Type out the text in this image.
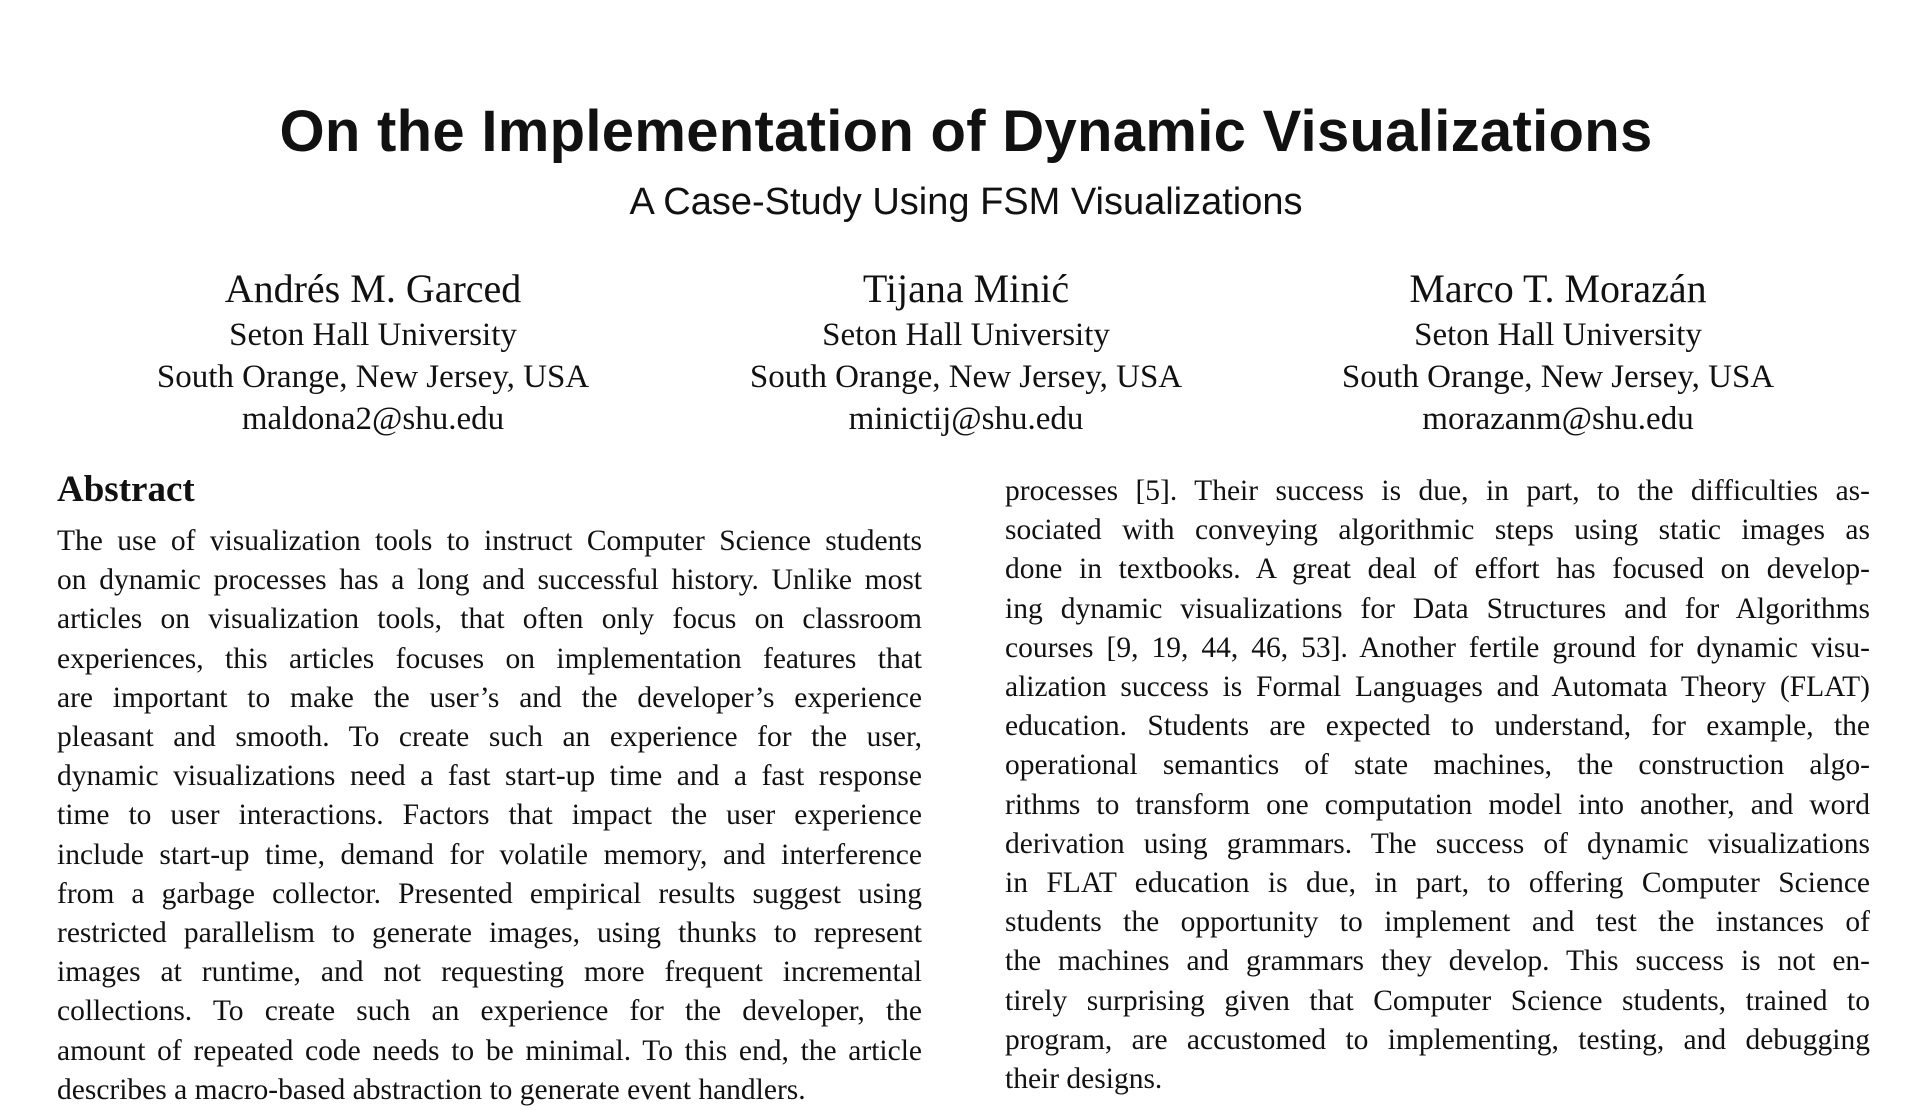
On the Implementation of Dynamic Visualizations
A Case-Study Using FSM Visualizations
Andrés M. Garced
Seton Hall University
South Orange, New Jersey, USA
maldona2@shu.edu
Tijana Minić
Seton Hall University
South Orange, New Jersey, USA
minictij@shu.edu
Marco T. Morazán
Seton Hall University
South Orange, New Jersey, USA
morazanm@shu.edu
Abstract

The use of visualization tools to instruct Computer Science students
on dynamic processes has a long and successful history. Unlike most
articles on visualization tools, that often only focus on classroom
experiences, this articles focuses on implementation features that
are important to make the user’s and the developer’s experience
pleasant and smooth. To create such an experience for the user,
dynamic visualizations need a fast start-up time and a fast response
time to user interactions. Factors that impact the user experience
include start-up time, demand for volatile memory, and interference
from a garbage collector. Presented empirical results suggest using
restricted parallelism to generate images, using thunks to represent
images at runtime, and not requesting more frequent incremental
collections. To create such an experience for the developer, the
amount of repeated code needs to be minimal. To this end, the article
describes a macro-based abstraction to generate event handlers.

processes [5]. Their success is due, in part, to the difficulties as-
sociated with conveying algorithmic steps using static images as
done in textbooks. A great deal of effort has focused on develop-
ing dynamic visualizations for Data Structures and for Algorithms
courses [9, 19, 44, 46, 53]. Another fertile ground for dynamic visu-
alization success is Formal Languages and Automata Theory (FLAT)
education. Students are expected to understand, for example, the
operational semantics of state machines, the construction algo-
rithms to transform one computation model into another, and word
derivation using grammars. The success of dynamic visualizations
in FLAT education is due, in part, to offering Computer Science
students the opportunity to implement and test the instances of
the machines and grammars they develop. This success is not en-
tirely surprising given that Computer Science students, trained to
program, are accustomed to implementing, testing, and debugging
their designs.
